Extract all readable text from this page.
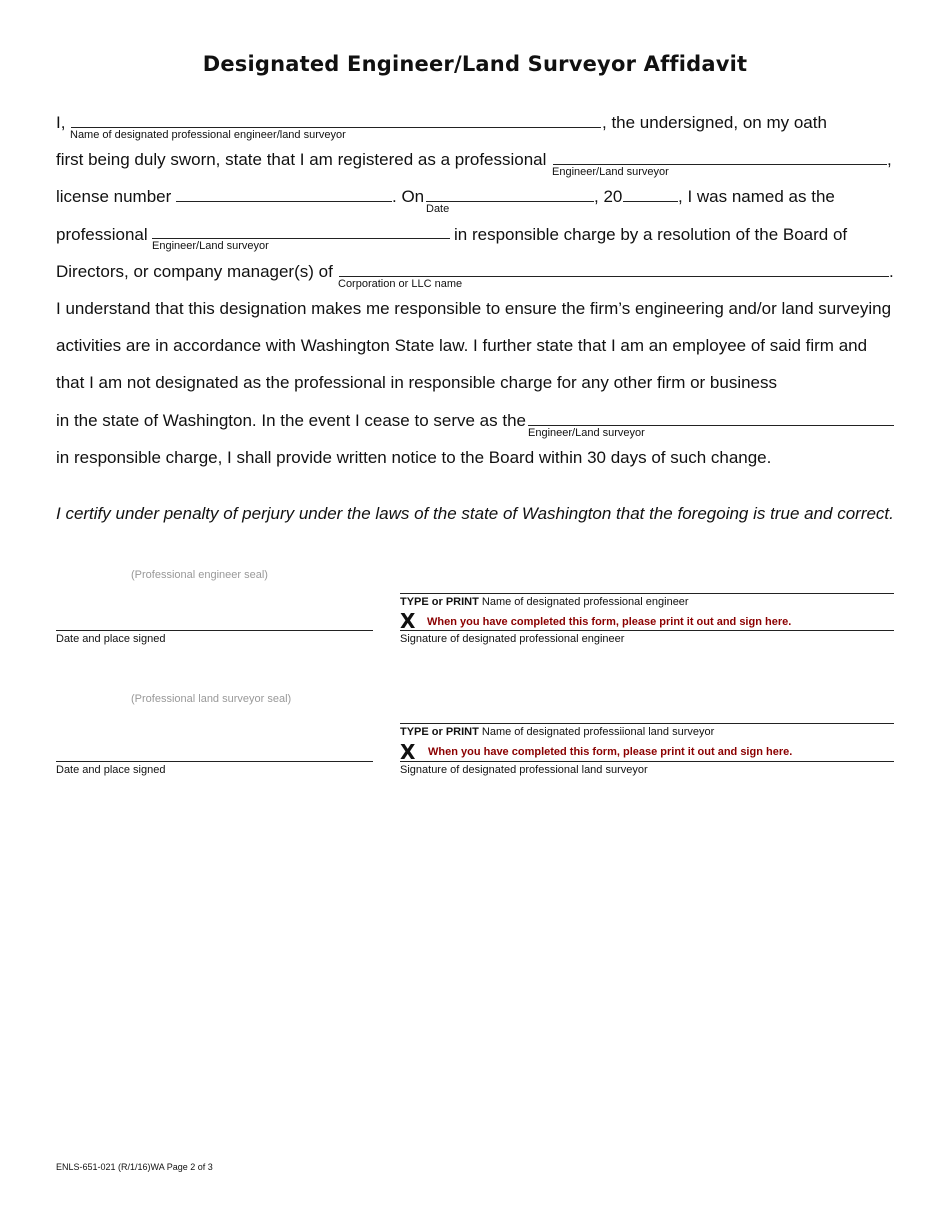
Designated Engineer/Land Surveyor Affidavit
I,
Name of designated professional engineer/land surveyor
, the undersigned, on my oath
first being duly sworn, state that I am registered as a professional
Engineer/Land surveyor
,
license number	. On
Date
, 20	, I was named as the
professional
Engineer/Land surveyor
in responsible charge by a resolution of the Board of
Directors, or company manager(s) of
Corporation or LLC name
.
I understand that this designation makes me responsible to ensure the firm’s engineering and/or land surveying
activities are in accordance with Washington State law. I further state that I am an employee of said firm and
that I am not designated as the professional in responsible charge for any other firm or business
in the state of Washington. In the event I cease to serve as the
Engineer/Land surveyor
in responsible charge, I shall provide written notice to the Board within 30 days of such change.
I certify under penalty of perjury under the laws of the state of Washington that the foregoing is true and correct.
(Professional engineer seal)
TYPE or PRINT Name of designated professional engineer
X When you have completed this form, please print it out and sign here.
Date and place signed	Signature of designated professional engineer
(Professional land surveyor seal)
TYPE or PRINT Name of designated professiional land surveyor
X When you have completed this form, please print it out and sign here.
Date and place signed	Signature of designated professional land surveyor
ENLS-651-021 (R/1/16)WA Page 2 of 3
